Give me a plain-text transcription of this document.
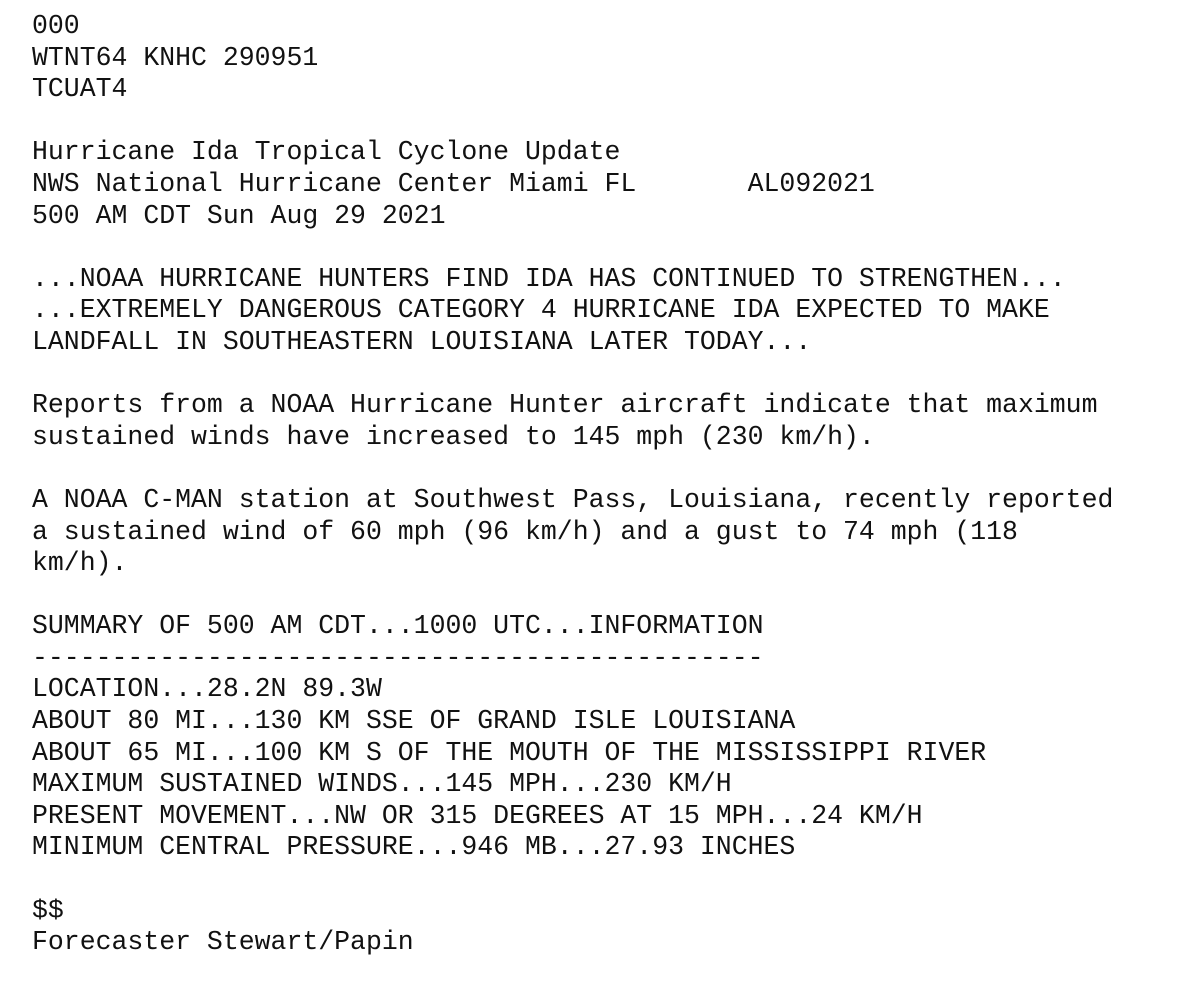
000
WTNT64 KNHC 290951
TCUAT4

Hurricane Ida Tropical Cyclone Update
NWS National Hurricane Center Miami FL       AL092021
500 AM CDT Sun Aug 29 2021

...NOAA HURRICANE HUNTERS FIND IDA HAS CONTINUED TO STRENGTHEN...
...EXTREMELY DANGEROUS CATEGORY 4 HURRICANE IDA EXPECTED TO MAKE
LANDFALL IN SOUTHEASTERN LOUISIANA LATER TODAY...

Reports from a NOAA Hurricane Hunter aircraft indicate that maximum
sustained winds have increased to 145 mph (230 km/h).

A NOAA C-MAN station at Southwest Pass, Louisiana, recently reported
a sustained wind of 60 mph (96 km/h) and a gust to 74 mph (118
km/h).

SUMMARY OF 500 AM CDT...1000 UTC...INFORMATION
----------------------------------------------
LOCATION...28.2N 89.3W
ABOUT 80 MI...130 KM SSE OF GRAND ISLE LOUISIANA
ABOUT 65 MI...100 KM S OF THE MOUTH OF THE MISSISSIPPI RIVER
MAXIMUM SUSTAINED WINDS...145 MPH...230 KM/H
PRESENT MOVEMENT...NW OR 315 DEGREES AT 15 MPH...24 KM/H
MINIMUM CENTRAL PRESSURE...946 MB...27.93 INCHES

$$
Forecaster Stewart/Papin
